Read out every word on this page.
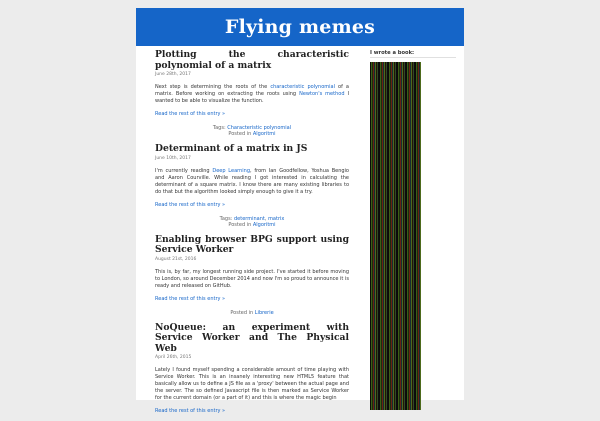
Flying memes
Plotting the characteristic polynomial of a matrix
June 28th, 2017
Next step is determining the roots of the characteristic polynomial of a matrix. Before working on extracting the roots using Newton's method I wanted to be able to visualize the function.
Read the rest of this entry »
Tags: Characteristic polynomial
Posted in Algoritmi
Determinant of a matrix in JS
June 10th, 2017
I'm currently reading Deep Learning, from Ian Goodfellow, Yoshua Bengio and Aaron Courville. While reading I got interested in calculating the determinant of a square matrix. I know there are many existing libraries to do that but the algorithm looked simply enough to give it a try.
Read the rest of this entry »
Tags: determinant, matrix
Posted in Algoritmi
Enabling browser BPG support using Service Worker
August 21st, 2016
This is, by far, my longest running side project. I've started it before moving to London, so around December 2014 and now I'm so proud to announce it is ready and released on GitHub.
Read the rest of this entry »
Posted in Librerie
NoQueue: an experiment with Service Worker and The Physical Web
April 26th, 2015
Lately I found myself spending a considerable amount of time playing with Service Worker. This is an insanely interesting new HTML5 feature that basically allow us to define a JS file as a 'proxy' between the actual page and the server. The so defined Javascript file is then marked as Service Worker for the current domain (or a part of it) and this is where the magic begin
Read the rest of this entry »
I wrote a book:
